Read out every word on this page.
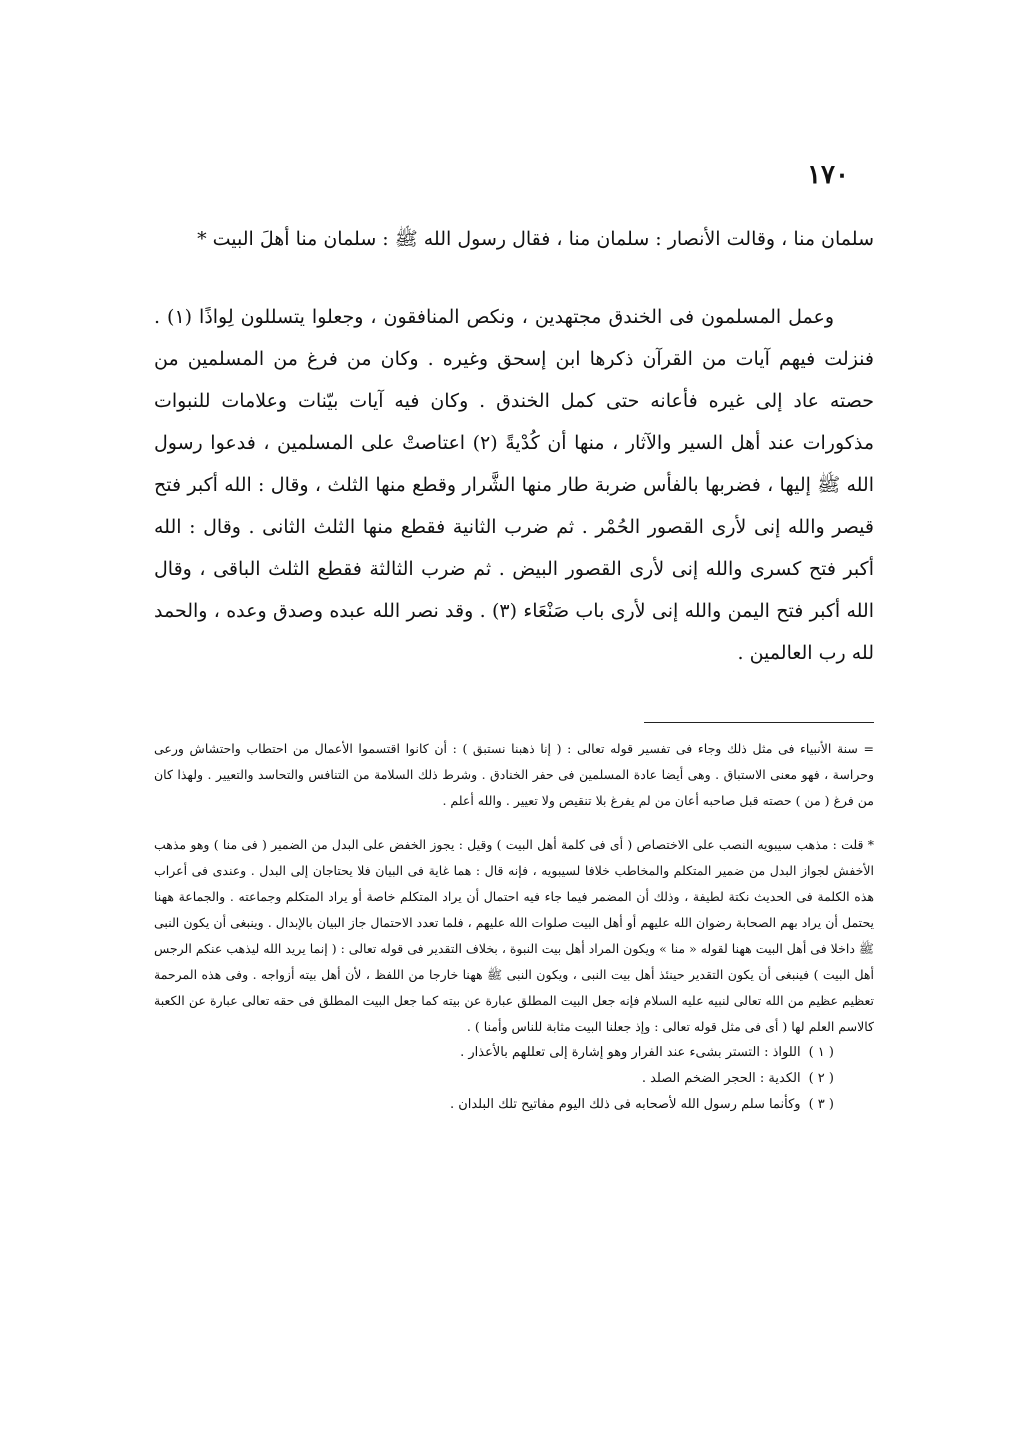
١٧٠

سلمان منا ، وقالت الأنصار : سلمان منا ، فقال رسول الله ﷺ : سلمان منا أهلَ البيت *

وعمل المسلمون فى الخندق مجتهدين ، ونكص المنافقون ، وجعلوا يتسللون لِواذًا (١) . فنزلت فيهم آيات من القرآن ذكرها ابن إسحق وغيره . وكان من فرغ من المسلمين من حصته عاد إلى غيره فأعانه حتى كمل الخندق . وكان فيه آيات بيّنات وعلامات للنبوات مذكورات عند أهل السير والآثار ، منها أن كُدْيةً (٢) اعتاصتْ على المسلمين ، فدعوا رسول الله ﷺ إليها ، فضربها بالفأس ضربة طار منها الشَّرار وقطع منها الثلث ، وقال : الله أكبر فتح قيصر والله إنى لأرى القصور الحُمْر . ثم ضرب الثانية فقطع منها الثلث الثانى . وقال : الله أكبر فتح كسرى والله إنى لأرى القصور البيض . ثم ضرب الثالثة فقطع الثلث الباقى ، وقال الله أكبر فتح اليمن والله إنى لأرى باب صَنْعَاء (٣) . وقد نصر الله عبده وصدق وعده ، والحمد لله رب العالمين .

= سنة الأنبياء فى مثل ذلك وجاء فى تفسير قوله تعالى : ( إنا ذهبنا نستبق ) : أن كانوا اقتسموا الأعمال من احتطاب واحتشاش ورعى وحراسة ، فهو معنى الاستباق . وهى أيضا عادة المسلمين فى حفر الخنادق . وشرط ذلك السلامة من التنافس والتحاسد والتعيير . ولهذا كان من فرغ ( من ) حصته قبل صاحبه أعان من لم يفرغ بلا تنقيص ولا تعيير . والله أعلم .

* قلت : مذهب سيبويه النصب على الاختصاص ( أى فى كلمة أهل البيت ) وقيل : يجوز الخفض على البدل من الضمير ( فى منا ) وهو مذهب الأخفش لجواز البدل من ضمير المتكلم والمخاطب خلافا لسيبويه ، فإنه قال : هما غاية فى البيان فلا يحتاجان إلى البدل . وعندى فى أعراب هذه الكلمة فى الحديث نكتة لطيفة ، وذلك أن المضمر فيما جاء فيه احتمال أن يراد المتكلم خاصة أو يراد المتكلم وجماعته . والجماعة ههنا يحتمل أن يراد بهم الصحابة رضوان الله عليهم أو أهل البيت صلوات الله عليهم ، فلما تعدد الاحتمال جاز البيان بالإبدال . وينبغى أن يكون النبى ﷺ داخلا فى أهل البيت ههنا لقوله « منا » ويكون المراد أهل بيت النبوة ، بخلاف التقدير فى قوله تعالى : ( إنما يريد الله ليذهب عنكم الرجس أهل البيت ) فينبغى أن يكون التقدير حينئذ أهل بيت النبى ، ويكون النبى ﷺ ههنا خارجا من اللفظ ، لأن أهل بيته أزواجه . وفى هذه المرحمة تعظيم عظيم من الله تعالى لنبيه عليه السلام فإنه جعل البيت المطلق عبارة عن بيته كما جعل البيت المطلق فى حقه تعالى عبارة عن الكعبة كالاسم العلم لها ( أى فى مثل قوله تعالى : وإذ جعلنا البيت مثابة للناس وأمنا ) .

( ١ )اللواذ : التستر بشىء عند الفرار وهو إشارة إلى تعللهم بالأعذار .

( ٢ )الكدية : الحجر الضخم الصلد .

( ٣ )وكأنما سلم رسول الله لأصحابه فى ذلك اليوم مفاتيح تلك البلدان .
